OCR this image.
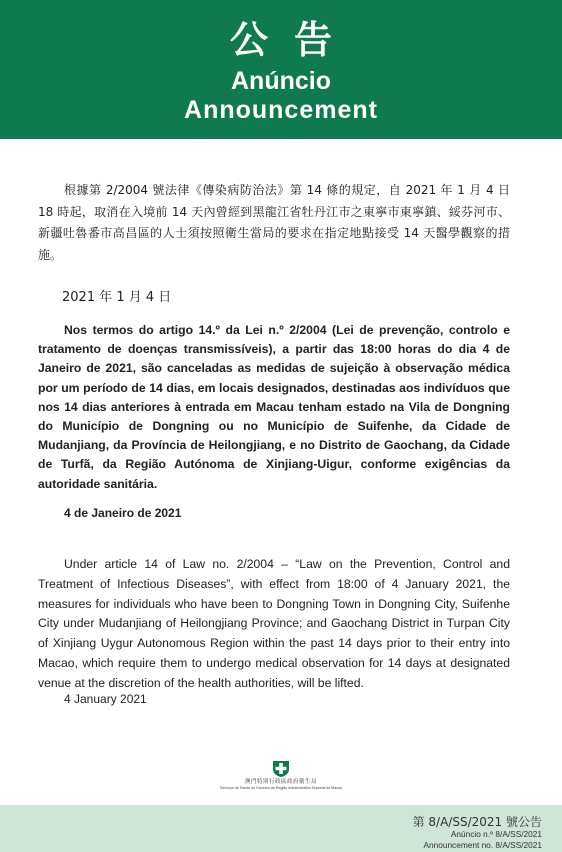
公告
Anúncio
Announcement
根據第 2/2004 號法律《傳染病防治法》第 14 條的規定，自 2021 年 1 月 4 日 18 時起，取消在入境前 14 天內曾經到黑龍江省牡丹江市之東寧市東寧鎮、綏芬河市、新疆吐魯番市高昌區的人士須按照衛生當局的要求在指定地點接受 14 天醫學觀察的措施。
2021 年 1 月 4 日
Nos termos do artigo 14.º da Lei n.º 2/2004 (Lei de prevenção, controlo e tratamento de doenças transmissíveis), a partir das 18:00 horas do dia 4 de Janeiro de 2021, são canceladas as medidas de sujeição à observação médica por um período de 14 dias, em locais designados, destinadas aos indivíduos que nos 14 dias anteriores à entrada em Macau tenham estado na Vila de Dongning do Município de Dongning ou no Município de Suifenhe, da Cidade de Mudanjiang, da Província de Heilongjiang, e no Distrito de Gaochang, da Cidade de Turfã, da Região Autónoma de Xinjiang-Uigur, conforme exigências da autoridade sanitária.
4 de Janeiro de 2021
Under article 14 of Law no. 2/2004 – “Law on the Prevention, Control and Treatment of Infectious Diseases”, with effect from 18:00 of 4 January 2021, the measures for individuals who have been to Dongning Town in Dongning City, Suifenhe City under Mudanjiang of Heilongjiang Province; and Gaochang District in Turpan City of Xinjiang Uygur Autonomous Region within the past 14 days prior to their entry into Macao, which require them to undergo medical observation for 14 days at designated venue at the discretion of the health authorities, will be lifted.
4 January 2021
澳門特別行政區政府衛生局
Serviços de Saúde do Governo da Região Administrativa Especial de Macau
第 8/A/SS/2021 號公告
Anúncio n.º 8/A/SS/2021
Announcement no. 8/A/SS/2021
